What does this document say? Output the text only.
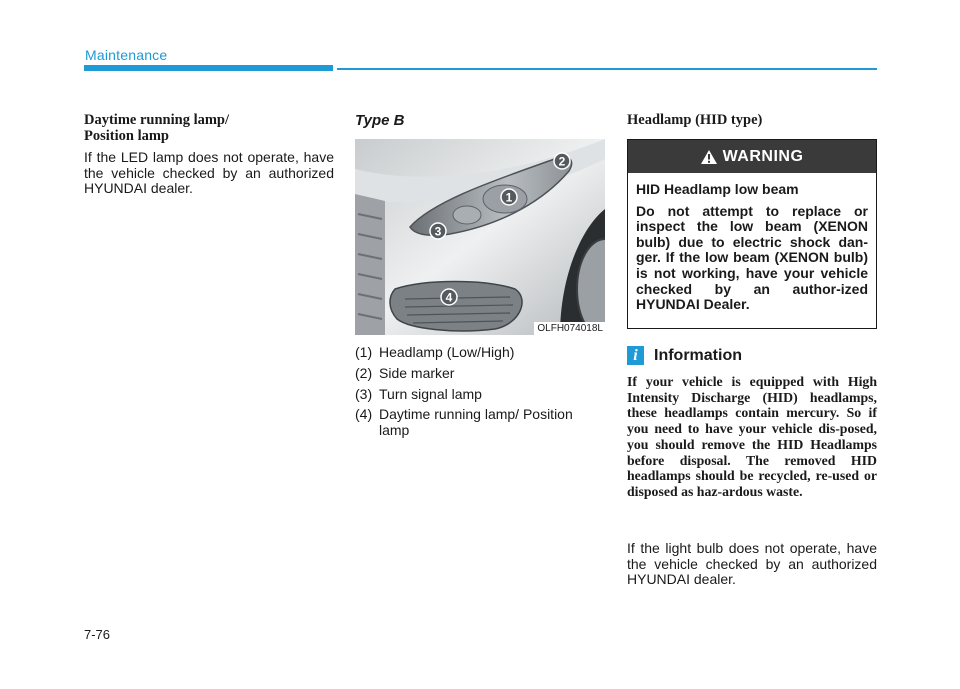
Maintenance
Daytime running lamp/
Position lamp

If the LED lamp does not operate, have the vehicle checked by an authorized HYUNDAI dealer.

Type B
1
2
3
4
OLFH074018L
(1) Headlamp (Low/High)
(2) Side marker
(3) Turn signal lamp
(4) Daytime running lamp/ Position lamp
Headlamp (HID type)
WARNING

HID Headlamp low beam

Do not attempt to replace or inspect the low beam (XENON bulb) due to electric shock dan-ger. If the low beam (XENON bulb) is not working, have your vehicle checked by an author-ized HYUNDAI Dealer.

i	Information

If your vehicle is equipped with High Intensity Discharge (HID) headlamps, these headlamps contain mercury. So if you need to have your vehicle dis-posed, you should remove the HID Headlamps before disposal. The removed HID headlamps should be recycled, re-used or disposed as haz-ardous waste.

If the light bulb does not operate, have the vehicle checked by an authorized HYUNDAI dealer.

7-76
